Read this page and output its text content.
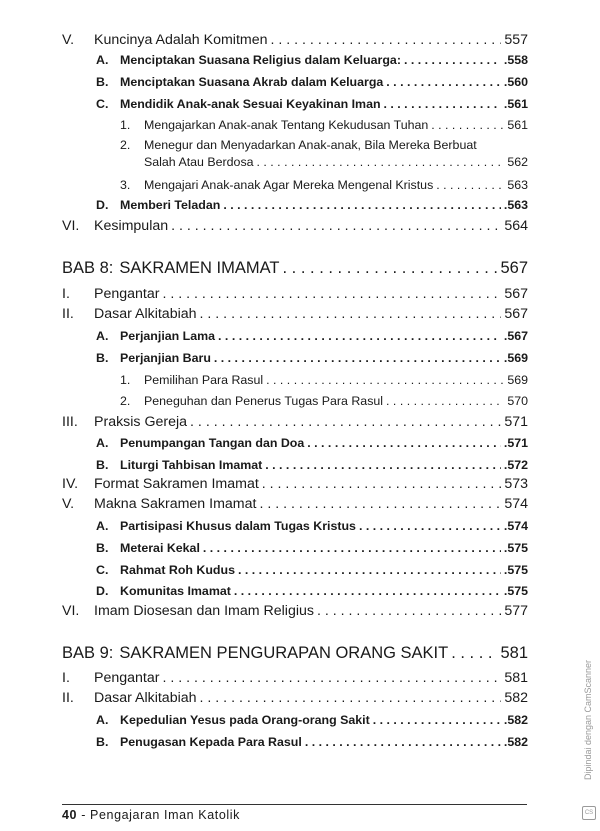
V.	Kuncinya Adalah Komitmen . . .	557
A. Menciptakan Suasana Religius dalam Keluarga: . . .	.558
B. Menciptakan Suasana Akrab dalam Keluarga . . .	.560
C. Mendidik Anak-anak Sesuai Keyakinan Iman . . .	.561
1.	Mengajarkan Anak-anak Tentang Kekudusan Tuhan . . .	561
2.	Menegur dan Menyadarkan Anak-anak, Bila Mereka Berbuat
Salah Atau Berdosa . . .	562
3.	Mengajari Anak-anak Agar Mereka Mengenal Kristus . . .	563
D. Memberi Teladan . . .	.563
VI.	Kesimpulan . . .	564
BAB 8: SAKRAMEN IMAMAT . . .	567
I.	Pengantar . . .	567
II.	Dasar Alkitabiah . . .	567
A. Perjanjian Lama . . .	.567
B. Perjanjian Baru . . .	.569
1.	Pemilihan Para Rasul . . .	569
2.	Peneguhan dan Penerus Tugas Para Rasul . . .	570
III.	Praksis Gereja . . .	571
A. Penumpangan Tangan dan Doa . . .	.571
B. Liturgi Tahbisan Imamat . . .	.572
IV.	Format Sakramen Imamat . . .	573
V.	Makna Sakramen Imamat . . .	574
A. Partisipasi Khusus dalam Tugas Kristus . . .	.574
B. Meterai Kekal . . .	.575
C. Rahmat Roh Kudus . . .	.575
D. Komunitas Imamat . . .	.575
VI.	Imam Diosesan dan Imam Religius . . .	577
BAB 9: SAKRAMEN PENGURAPAN ORANG SAKIT . . .	581
I.	Pengantar . . .	581
II.	Dasar Alkitabiah . . .	582
A. Kepedulian Yesus pada Orang-orang Sakit . . .	.582
B. Penugasan Kepada Para Rasul . . .	.582
40 - Pengajaran Iman Katolik
Dipindai dengan CamScanner
CS
